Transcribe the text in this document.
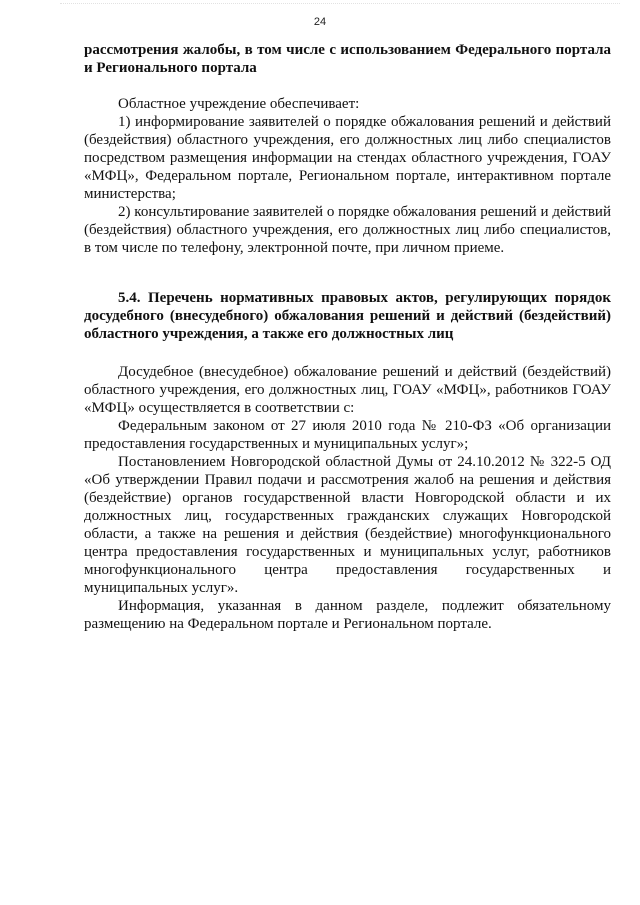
24

рассмотрения жалобы, в том числе с использованием Федерального портала и Регионального портала

Областное учреждение обеспечивает:

1) информирование заявителей о порядке обжалования решений и действий (бездействия) областного учреждения, его должностных лиц либо специалистов посредством размещения информации на стендах областного учреждения, ГОАУ «МФЦ», Федеральном портале, Региональном портале, интерактивном портале министерства;

2) консультирование заявителей о порядке обжалования решений и действий (бездействия) областного учреждения, его должностных лиц либо специалистов, в том числе по телефону, электронной почте, при личном приеме.

5.4. Перечень нормативных правовых актов, регулирующих порядок досудебного (внесудебного) обжалования решений и действий (бездействий) областного учреждения, а также его должностных лиц

Досудебное (внесудебное) обжалование решений и действий (бездействий) областного учреждения, его должностных лиц, ГОАУ «МФЦ», работников ГОАУ «МФЦ» осуществляется в соответствии с:

Федеральным законом от 27 июля 2010 года № 210-ФЗ «Об организации предоставления государственных и муниципальных услуг»;

Постановлением Новгородской областной Думы от 24.10.2012 № 322-5 ОД «Об утверждении Правил подачи и рассмотрения жалоб на решения и действия (бездействие) органов государственной власти Новгородской области и их должностных лиц, государственных гражданских служащих Новгородской области, а также на решения и действия (бездействие) многофункционального центра предоставления государственных и муниципальных услуг, работников многофункционального центра предоставления государственных и муниципальных услуг».

Информация, указанная в данном разделе, подлежит обязательному размещению на Федеральном портале и Региональном портале.
